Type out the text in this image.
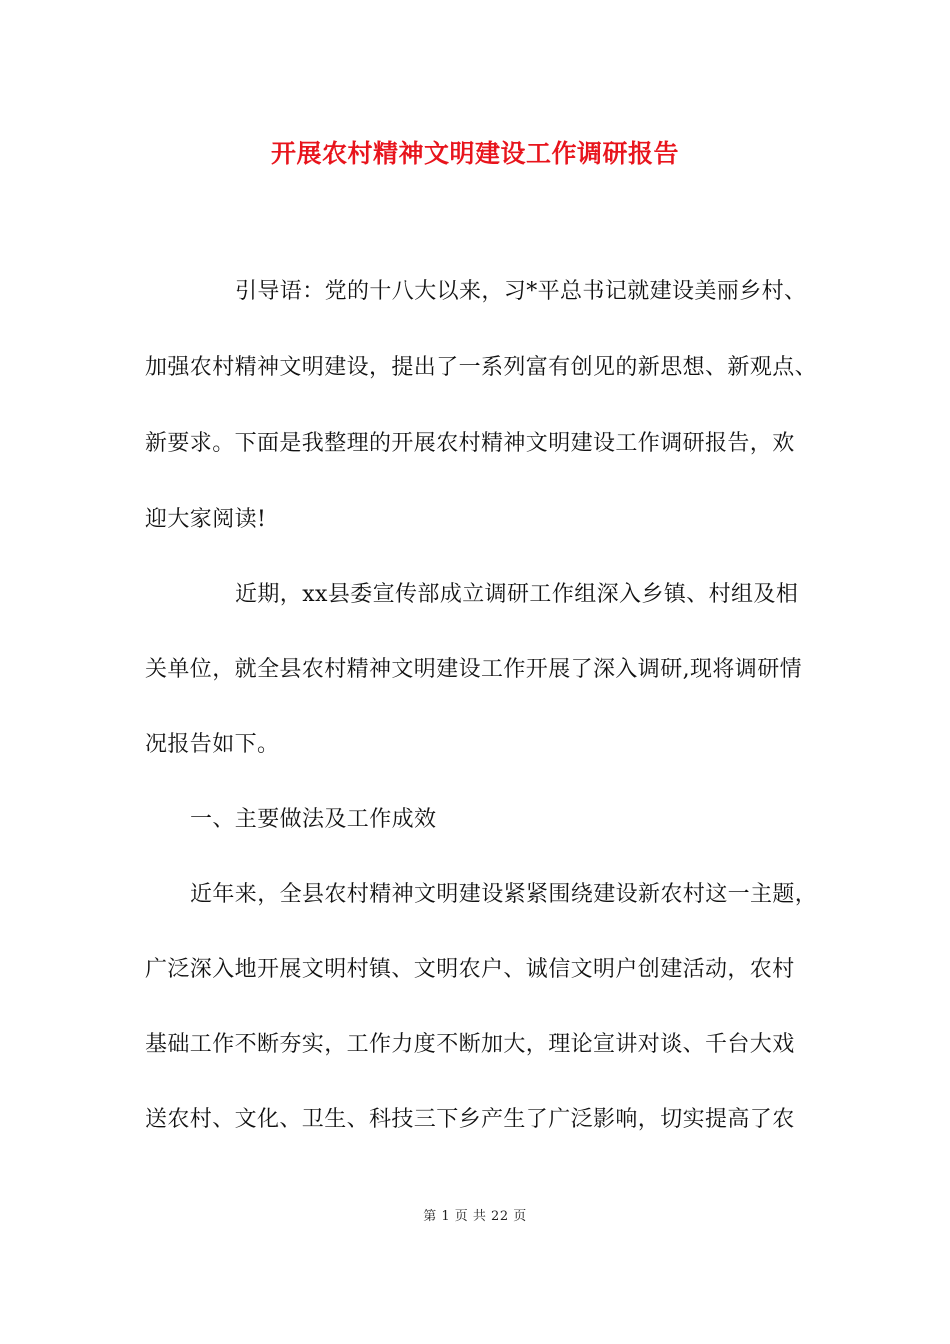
开展农村精神文明建设工作调研报告
引导语：党的十八大以来，习*平总书记就建设美丽乡村、
加强农村精神文明建设，提出了一系列富有创见的新思想、新观点、
新要求。下面是我整理的开展农村精神文明建设工作调研报告，欢
迎大家阅读!
近期，xx县委宣传部成立调研工作组深入乡镇、村组及相
关单位，就全县农村精神文明建设工作开展了深入调研,现将调研情
况报告如下。
一、主要做法及工作成效
近年来，全县农村精神文明建设紧紧围绕建设新农村这一主题，
广泛深入地开展文明村镇、文明农户、诚信文明户创建活动，农村
基础工作不断夯实，工作力度不断加大，理论宣讲对谈、千台大戏
送农村、文化、卫生、科技三下乡产生了广泛影响，切实提高了农
第 1 页 共 22 页
